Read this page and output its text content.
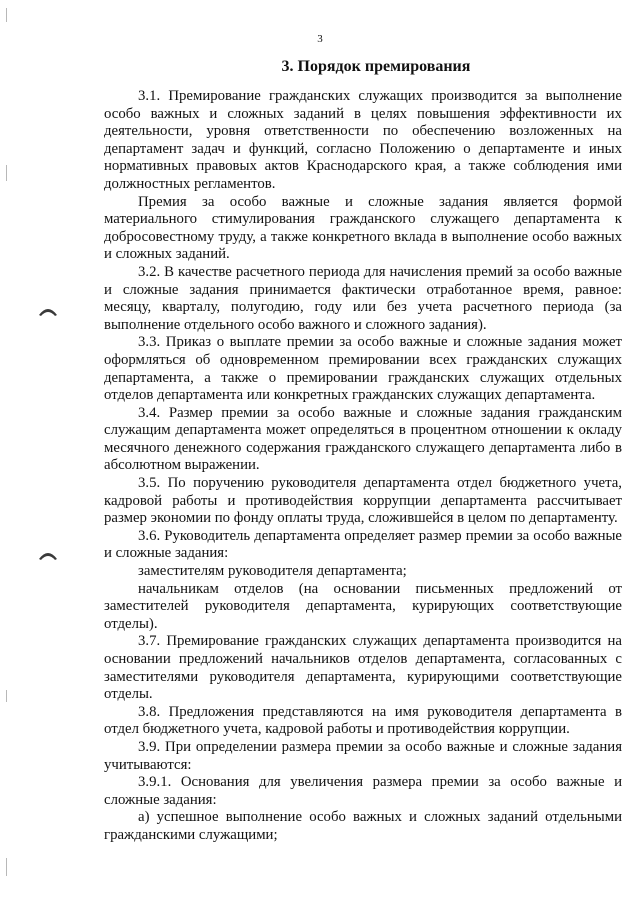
3
3. Порядок премирования

3.1. Премирование гражданских служащих производится за выполнение особо важных и сложных заданий в целях повышения эффективности их деятельности, уровня ответственности по обеспечению возложенных на департамент задач и функций, согласно Положению о департаменте и иных нормативных правовых актов Краснодарского края, а также соблюдения ими должностных регламентов.

Премия за особо важные и сложные задания является формой материального стимулирования гражданского служащего департамента к добросовестному труду, а также конкретного вклада в выполнение особо важных и сложных заданий.

3.2. В качестве расчетного периода для начисления премий за особо важные и сложные задания принимается фактически отработанное время, равное: месяцу, кварталу, полугодию, году или без учета расчетного периода (за выполнение отдельного особо важного и сложного задания).

3.3. Приказ о выплате премии за особо важные и сложные задания может оформляться об одновременном премировании всех гражданских служащих департамента, а также о премировании гражданских служащих отдельных отделов департамента или конкретных гражданских служащих департамента.

3.4. Размер премии за особо важные и сложные задания гражданским служащим департамента может определяться в процентном отношении к окладу месячного денежного содержания гражданского служащего департамента либо в абсолютном выражении.

3.5. По поручению руководителя департамента отдел бюджетного учета, кадровой работы и противодействия коррупции департамента рассчитывает размер экономии по фонду оплаты труда, сложившейся в целом по департаменту.

3.6. Руководитель департамента определяет размер премии за особо важные и сложные задания:

заместителям руководителя департамента;

начальникам отделов (на основании письменных предложений от заместителей руководителя департамента, курирующих соответствующие отделы).

3.7. Премирование гражданских служащих департамента производится на основании предложений начальников отделов департамента, согласованных с заместителями руководителя департамента, курирующими соответствующие отделы.

3.8. Предложения представляются на имя руководителя департамента в отдел бюджетного учета, кадровой работы и противодействия коррупции.

3.9. При определении размера премии за особо важные и сложные задания учитываются:

3.9.1. Основания для увеличения размера премии за особо важные и сложные задания:

а) успешное выполнение особо важных и сложных заданий отдельными гражданскими служащими;
